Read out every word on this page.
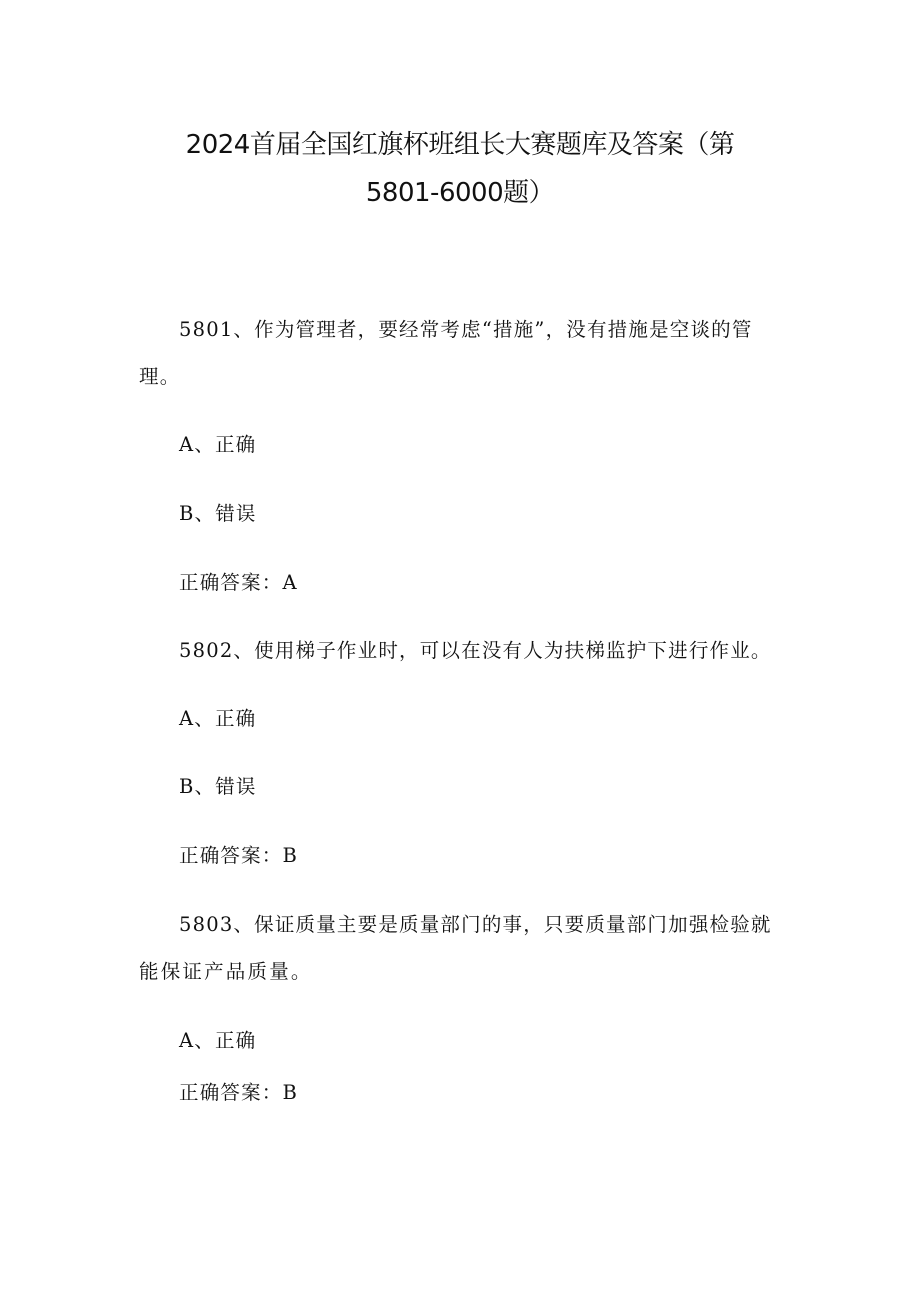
2024首届全国红旗杯班组长大赛题库及答案（第
5801-6000题）
5801、作为管理者，要经常考虑“措施”，没有措施是空谈的管
理。
A、正确
B、错误
正确答案：A
5802、使用梯子作业时，可以在没有人为扶梯监护下进行作业。
A、正确
B、错误
正确答案：B
5803、保证质量主要是质量部门的事，只要质量部门加强检验就
能保证产品质量。
A、正确
正确答案：B
